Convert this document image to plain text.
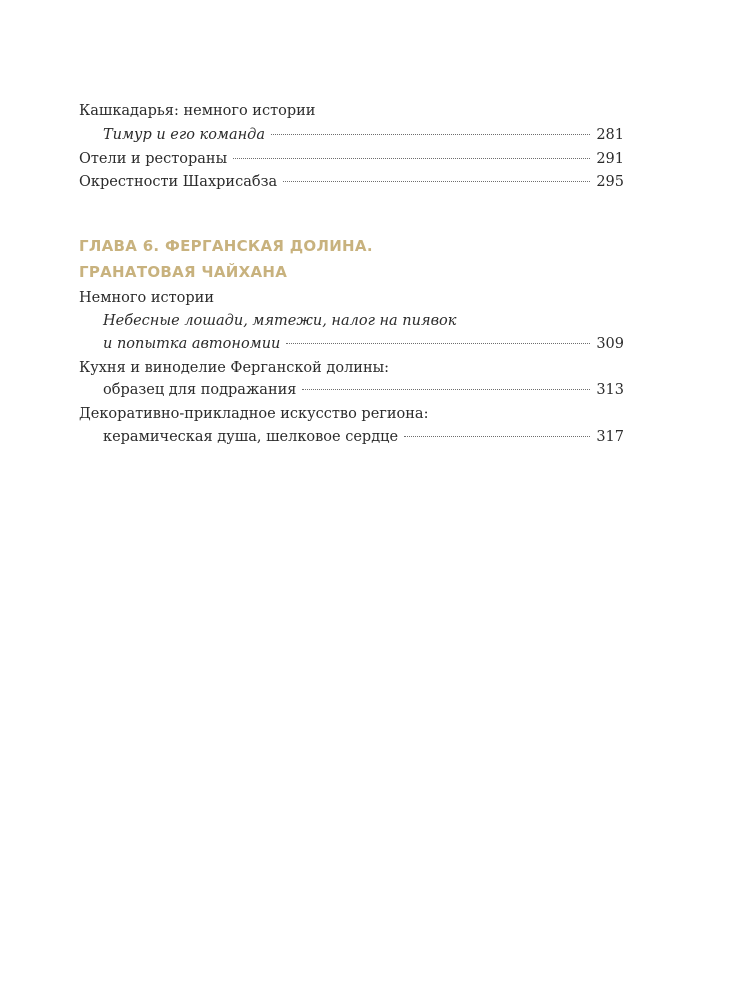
Кашкадарья: немного истории
Тимур и его команда	281
Отели и рестораны	291
Окрестности Шахрисабза	295
ГЛАВА 6. ФЕРГАНСКАЯ ДОЛИНА.
ГРАНАТОВАЯ ЧАЙХАНА
Немного истории
Небесные лошади, мятежи, налог на пиявок
и попытка автономии	309
Кухня и виноделие Ферганской долины:
образец для подражания	313
Декоративно-прикладное искусство региона:
керамическая душа, шелковое сердце	317
